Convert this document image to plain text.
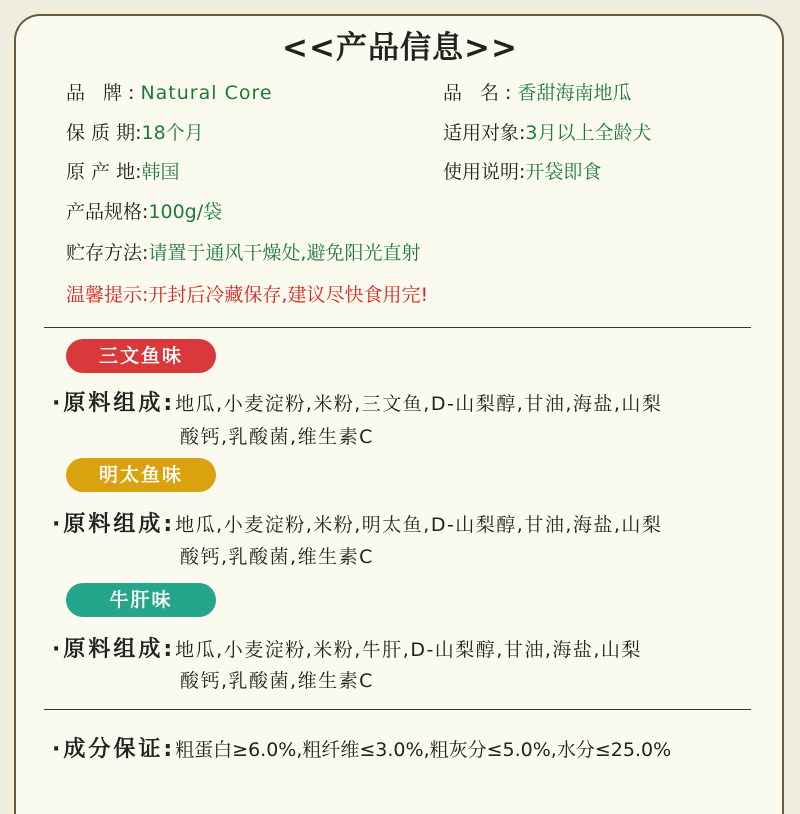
<<产品信息>>
品 牌:Natural Core	品 名:香甜海南地瓜
保 质 期:18个月	适用对象:3月以上全龄犬
原 产 地:韩国	使用说明:开袋即食
产品规格:100g/袋
贮存方法:请置于通风干燥处,避免阳光直射
温馨提示:开封后冷藏保存,建议尽快食用完!
三文鱼味
·原料组成:地瓜,小麦淀粉,米粉,三文鱼,D-山梨醇,甘油,海盐,山梨
酸钙,乳酸菌,维生素C
明太鱼味
·原料组成:地瓜,小麦淀粉,米粉,明太鱼,D-山梨醇,甘油,海盐,山梨
酸钙,乳酸菌,维生素C
牛肝味
·原料组成:地瓜,小麦淀粉,米粉,牛肝,D-山梨醇,甘油,海盐,山梨
酸钙,乳酸菌,维生素C
·成分保证:粗蛋白≥6.0%,粗纤维≤3.0%,粗灰分≤5.0%,水分≤25.0%
